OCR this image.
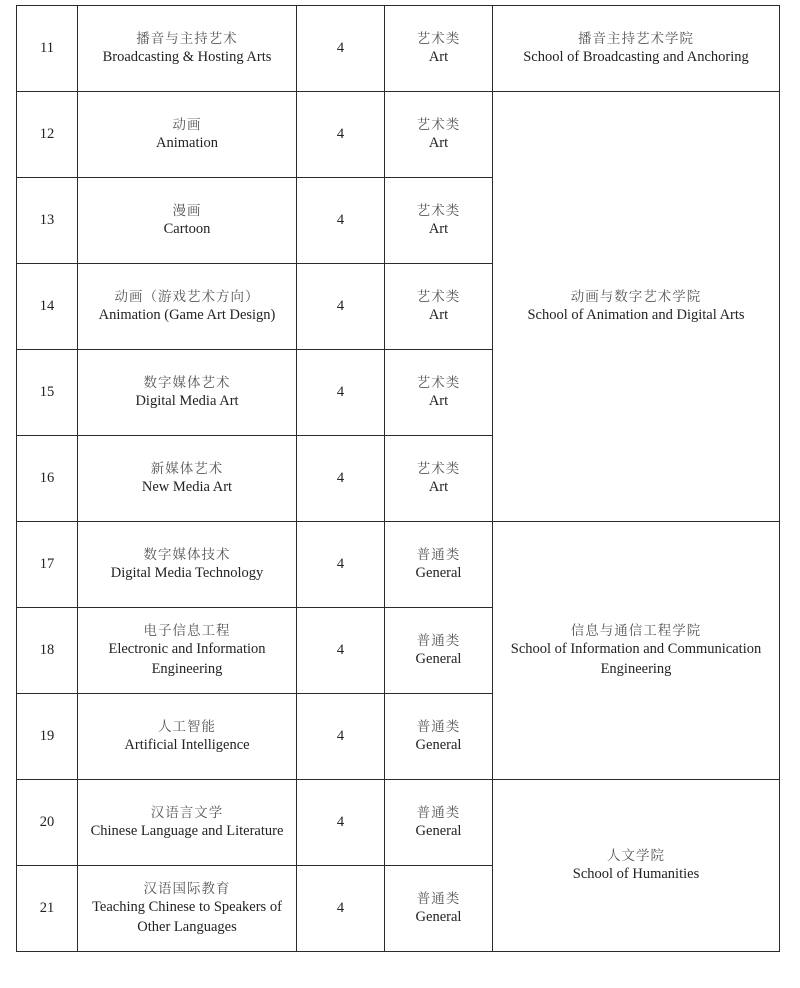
11	播音与主持艺术
Broadcasting & Hosting Arts	4	艺术类
Art	播音主持艺术学院
School of Broadcasting and Anchoring

12	动画
Animation	4	艺术类
Art	动画与数字艺术学院
School of Animation and Digital Arts

13	漫画
Cartoon	4	艺术类
Art	

14	动画（游戏艺术方向）
Animation (Game Art Design)	4	艺术类
Art	

15	数字媒体艺术
Digital Media Art	4	艺术类
Art	

16	新媒体艺术
New Media Art	4	艺术类
Art	

17	数字媒体技术
Digital Media Technology	4	普通类
General	信息与通信工程学院
School of Information and Communication Engineering

18	电子信息工程
Electronic and Information Engineering	4	普通类
General	

19	人工智能
Artificial Intelligence	4	普通类
General	

20	汉语言文学
Chinese Language and Literature	4	普通类
General	人文学院
School of Humanities

21	汉语国际教育
Teaching Chinese to Speakers of Other Languages	4	普通类
General	
